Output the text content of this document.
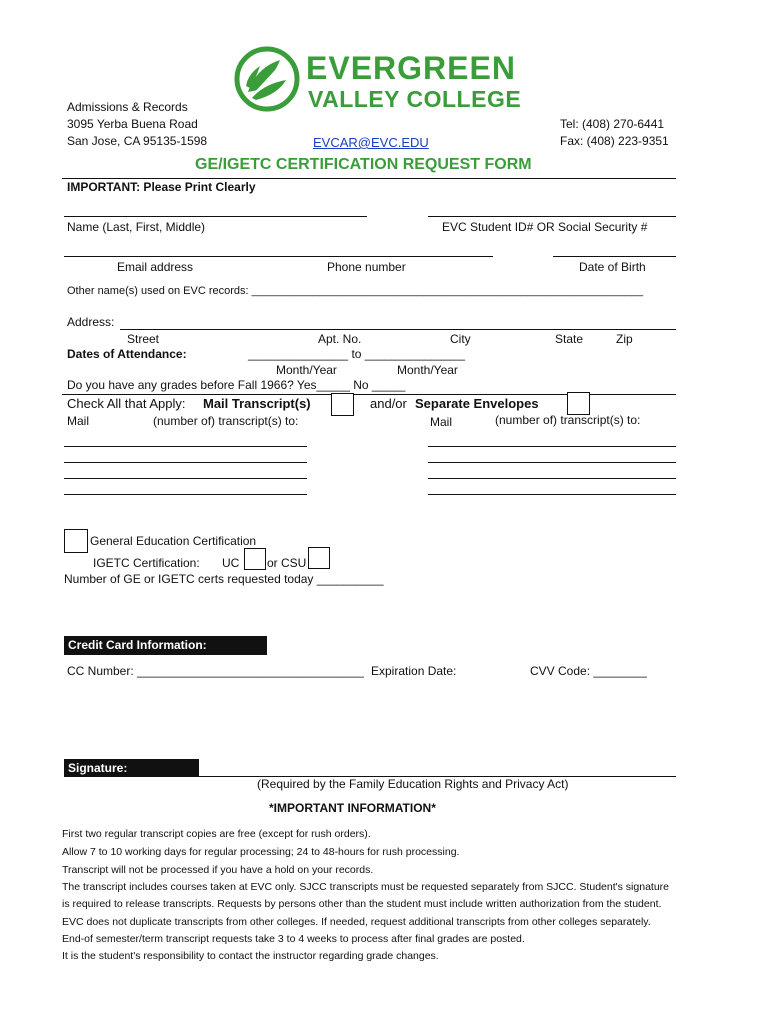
Admissions & Records
3095 Yerba Buena Road
San Jose, CA 95135-1598
EVERGREEN
VALLEY COLLEGE
EVCAR@EVC.EDU
Tel: (408) 270-6441
Fax: (408) 223-9351
GE/IGETC CERTIFICATION REQUEST FORM
IMPORTANT: Please Print Clearly
Name (Last, First, Middle)	EVC Student ID# OR Social Security #
Email address	Phone number	Date of Birth
Other name(s) used on EVC records: ________________________________________________________________
Address:
Street	Apt. No.	City	State	Zip
Dates of Attendance:	_______________ to _______________
Month/Year	Month/Year
Do you have any grades before Fall 1966? Yes_____ No _____
Check All that Apply: Mail Transcript(s)	and/or Separate Envelopes
Mail	(number of) transcript(s) to:	Mail	(number of) transcript(s) to:
General Education Certification
IGETC Certification: UC or CSU
Number of GE or IGETC certs requested today __________
Credit Card Information:
CC Number: __________________________________ Expiration Date:	CVV Code: ________
Signature:
(Required by the Family Education Rights and Privacy Act)
*IMPORTANT INFORMATION*
First two regular transcript copies are free (except for rush orders).
Allow 7 to 10 working days for regular processing; 24 to 48-hours for rush processing.
Transcript will not be processed if you have a hold on your records.
The transcript includes courses taken at EVC only. SJCC transcripts must be requested separately from SJCC. Student's signature
is required to release transcripts. Requests by persons other than the student must include written authorization from the student.
EVC does not duplicate transcripts from other colleges. If needed, request additional transcripts from other colleges separately.
End-of semester/term transcript requests take 3 to 4 weeks to process after final grades are posted.
It is the student's responsibility to contact the instructor regarding grade changes.
